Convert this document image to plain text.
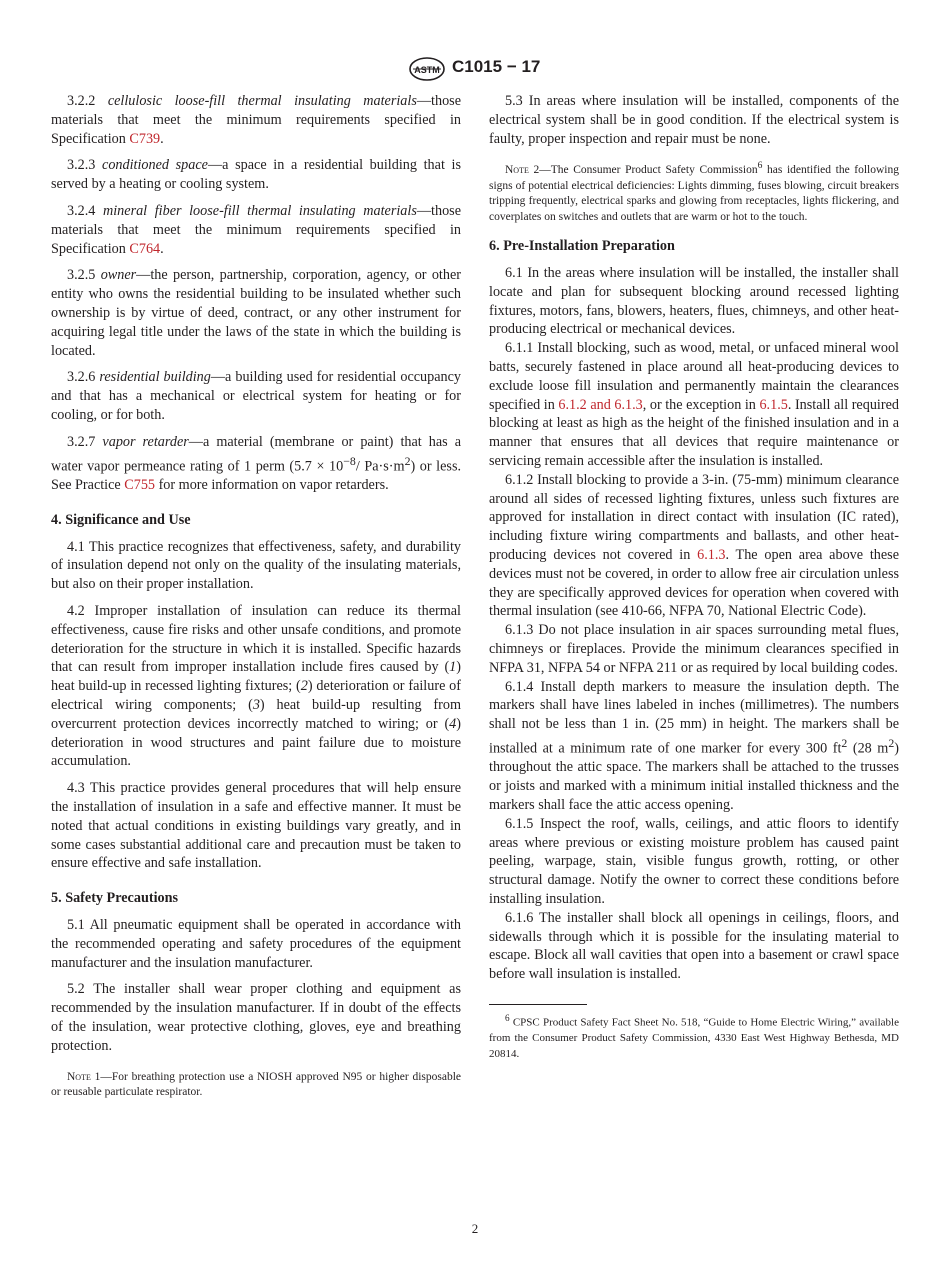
ASTM C1015 − 17

3.2.2 cellulosic loose-fill thermal insulating materials—those materials that meet the minimum requirements specified in Specification C739.

3.2.3 conditioned space—a space in a residential building that is served by a heating or cooling system.

3.2.4 mineral fiber loose-fill thermal insulating materials—those materials that meet the minimum requirements specified in Specification C764.

3.2.5 owner—the person, partnership, corporation, agency, or other entity who owns the residential building to be insulated whether such ownership is by virtue of deed, contract, or any other instrument for acquiring legal title under the laws of the state in which the building is located.

3.2.6 residential building—a building used for residential occupancy and that has a mechanical or electrical system for heating or for cooling, or for both.

3.2.7 vapor retarder—a material (membrane or paint) that has a water vapor permeance rating of 1 perm ($5.7 \times 10^{-8}/$ $Pa\cdot s\cdot m^2$) or less. See Practice C755 for more information on vapor retarders.

4. Significance and Use

4.1 This practice recognizes that effectiveness, safety, and durability of insulation depend not only on the quality of the insulating materials, but also on their proper installation.

4.2 Improper installation of insulation can reduce its thermal effectiveness, cause fire risks and other unsafe conditions, and promote deterioration for the structure in which it is installed. Specific hazards that can result from improper installation include fires caused by (1) heat build-up in recessed lighting fixtures; (2) deterioration or failure of electrical wiring components; (3) heat build-up resulting from overcurrent protection devices incorrectly matched to wiring; or (4) deterioration in wood structures and paint failure due to moisture accumulation.

4.3 This practice provides general procedures that will help ensure the installation of insulation in a safe and effective manner. It must be noted that actual conditions in existing buildings vary greatly, and in some cases substantial additional care and precaution must be taken to ensure effective and safe installation.

5. Safety Precautions

5.1 All pneumatic equipment shall be operated in accordance with the recommended operating and safety procedures of the equipment manufacturer and the insulation manufacturer.

5.2 The installer shall wear proper clothing and equipment as recommended by the insulation manufacturer. If in doubt of the effects of the insulation, wear protective clothing, gloves, eye and breathing protection.

Note 1—For breathing protection use a NIOSH approved N95 or higher disposable or reusable particulate respirator.

5.3 In areas where insulation will be installed, components of the electrical system shall be in good condition. If the electrical system is faulty, proper inspection and repair must be none.

Note 2—The Consumer Product Safety Commission$^6$ has identified the following signs of potential electrical deficiencies: Lights dimming, fuses blowing, circuit breakers tripping frequently, electrical sparks and glowing from receptacles, lights flickering, and coverplates on switches and outlets that are warm or hot to the touch.

6. Pre-Installation Preparation

6.1 In the areas where insulation will be installed, the installer shall locate and plan for subsequent blocking around recessed lighting fixtures, motors, fans, blowers, heaters, flues, chimneys, and other heat-producing electrical or mechanical devices.

6.1.1 Install blocking, such as wood, metal, or unfaced mineral wool batts, securely fastened in place around all heat-producing devices to exclude loose fill insulation and permanently maintain the clearances specified in 6.1.2 and 6.1.3, or the exception in 6.1.5. Install all required blocking at least as high as the height of the finished insulation and in a manner that ensures that all devices that require maintenance or servicing remain accessible after the insulation is installed.

6.1.2 Install blocking to provide a 3-in. (75-mm) minimum clearance around all sides of recessed lighting fixtures, unless such fixtures are approved for installation in direct contact with insulation (IC rated), including fixture wiring compartments and ballasts, and other heat-producing devices not covered in 6.1.3. The open area above these devices must not be covered, in order to allow free air circulation unless they are specifically approved devices for operation when covered with thermal insulation (see 410-66, NFPA 70, National Electric Code).

6.1.3 Do not place insulation in air spaces surrounding metal flues, chimneys or fireplaces. Provide the minimum clearances specified in NFPA 31, NFPA 54 or NFPA 211 or as required by local building codes.

6.1.4 Install depth markers to measure the insulation depth. The markers shall have lines labeled in inches (millimetres). The numbers shall not be less than 1 in. (25 mm) in height. The markers shall be installed at a minimum rate of one marker for every 300 $ft^2$ (28 $m^2$) throughout the attic space. The markers shall be attached to the trusses or joists and marked with a minimum initial installed thickness and the markers shall face the attic access opening.

6.1.5 Inspect the roof, walls, ceilings, and attic floors to identify areas where previous or existing moisture problem has caused paint peeling, warpage, stain, visible fungus growth, rotting, or other structural damage. Notify the owner to correct these conditions before installing insulation.

6.1.6 The installer shall block all openings in ceilings, floors, and sidewalls through which it is possible for the insulating material to escape. Block all wall cavities that open into a basement or crawl space before wall insulation is installed.

$^6$ CPSC Product Safety Fact Sheet No. 518, “Guide to Home Electric Wiring,” available from the Consumer Product Safety Commission, 4330 East West Highway Bethesda, MD 20814.

2
